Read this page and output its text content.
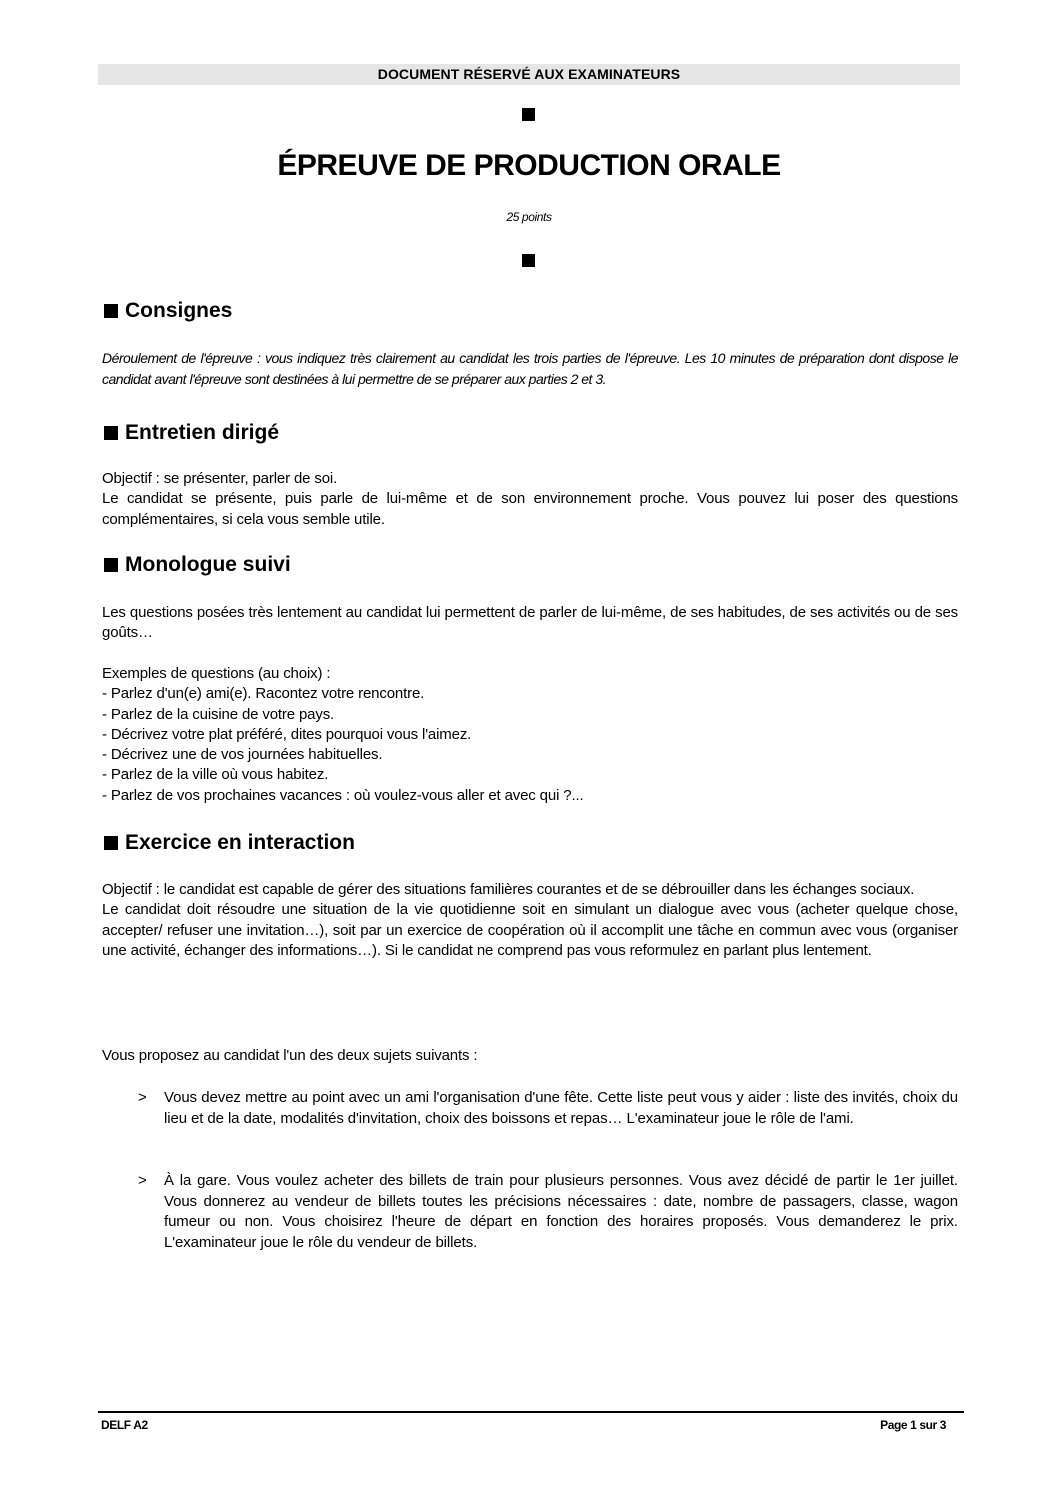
DOCUMENT RÉSERVÉ AUX EXAMINATEURS
ÉPREUVE DE PRODUCTION ORALE
25 points
Consignes
Déroulement de l'épreuve : vous indiquez très clairement au candidat les trois parties de l'épreuve. Les 10 minutes de préparation dont dispose le candidat avant l'épreuve sont destinées à lui permettre de se préparer aux parties 2 et 3.
Entretien dirigé
Objectif : se présenter, parler de soi.
Le candidat se présente, puis parle de lui-même et de son environnement proche. Vous pouvez lui poser des questions complémentaires, si cela vous semble utile.
Monologue suivi
Les questions posées très lentement au candidat lui permettent de parler de lui-même, de ses habitudes, de ses activités ou de ses goûts…
Exemples de questions (au choix) :
- Parlez d'un(e) ami(e). Racontez votre rencontre.
- Parlez de la cuisine de votre pays.
- Décrivez votre plat préféré, dites pourquoi vous l'aimez.
- Décrivez une de vos journées habituelles.
- Parlez de la ville où vous habitez.
- Parlez de vos prochaines vacances : où voulez-vous aller et avec qui ?...
Exercice en interaction
Objectif : le candidat est capable de gérer des situations familières courantes et de se débrouiller dans les échanges sociaux.
Le candidat doit résoudre une situation de la vie quotidienne soit en simulant un dialogue avec vous (acheter quelque chose, accepter/ refuser une invitation…), soit par un exercice de coopération où il accomplit une tâche en commun avec vous (organiser une activité, échanger des informations…). Si le candidat ne comprend pas vous reformulez en parlant plus lentement.
Vous proposez au candidat l'un des deux sujets suivants :
>	Vous devez mettre au point avec un ami l'organisation d'une fête. Cette liste peut vous y aider : liste des invités, choix du lieu et de la date, modalités d'invitation, choix des boissons et repas… L'examinateur joue le rôle de l'ami.
>	À la gare. Vous voulez acheter des billets de train pour plusieurs personnes. Vous avez décidé de partir le 1er juillet. Vous donnerez au vendeur de billets toutes les précisions nécessaires : date, nombre de passagers, classe, wagon fumeur ou non. Vous choisirez l'heure de départ en fonction des horaires proposés. Vous demanderez le prix. L'examinateur joue le rôle du vendeur de billets.
DELF A2	Page 1 sur 3
